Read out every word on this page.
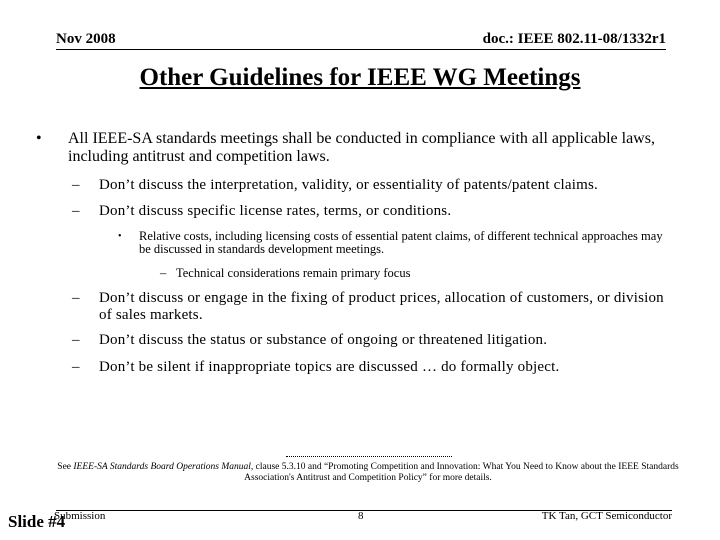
Nov 2008	doc.: IEEE 802.11-08/1332r1
Other Guidelines for IEEE WG Meetings
• All IEEE-SA standards meetings shall be conducted in compliance with all applicable laws, including antitrust and competition laws.
– Don’t discuss the interpretation, validity, or essentiality of patents/patent claims.
– Don’t discuss specific license rates, terms, or conditions.
• Relative costs, including licensing costs of essential patent claims, of different technical approaches may be discussed in standards development meetings.
– Technical considerations remain primary focus
– Don’t discuss or engage in the fixing of product prices, allocation of customers, or division of sales markets.
– Don’t discuss the status or substance of ongoing or threatened litigation.
– Don’t be silent if inappropriate topics are discussed … do formally object.
See IEEE-SA Standards Board Operations Manual, clause 5.3.10 and “Promoting Competition and Innovation: What You Need to Know about the IEEE Standards Association's Antitrust and Competition Policy” for more details.
Slide #4
Submission	8	TK Tan, GCT Semiconductor
